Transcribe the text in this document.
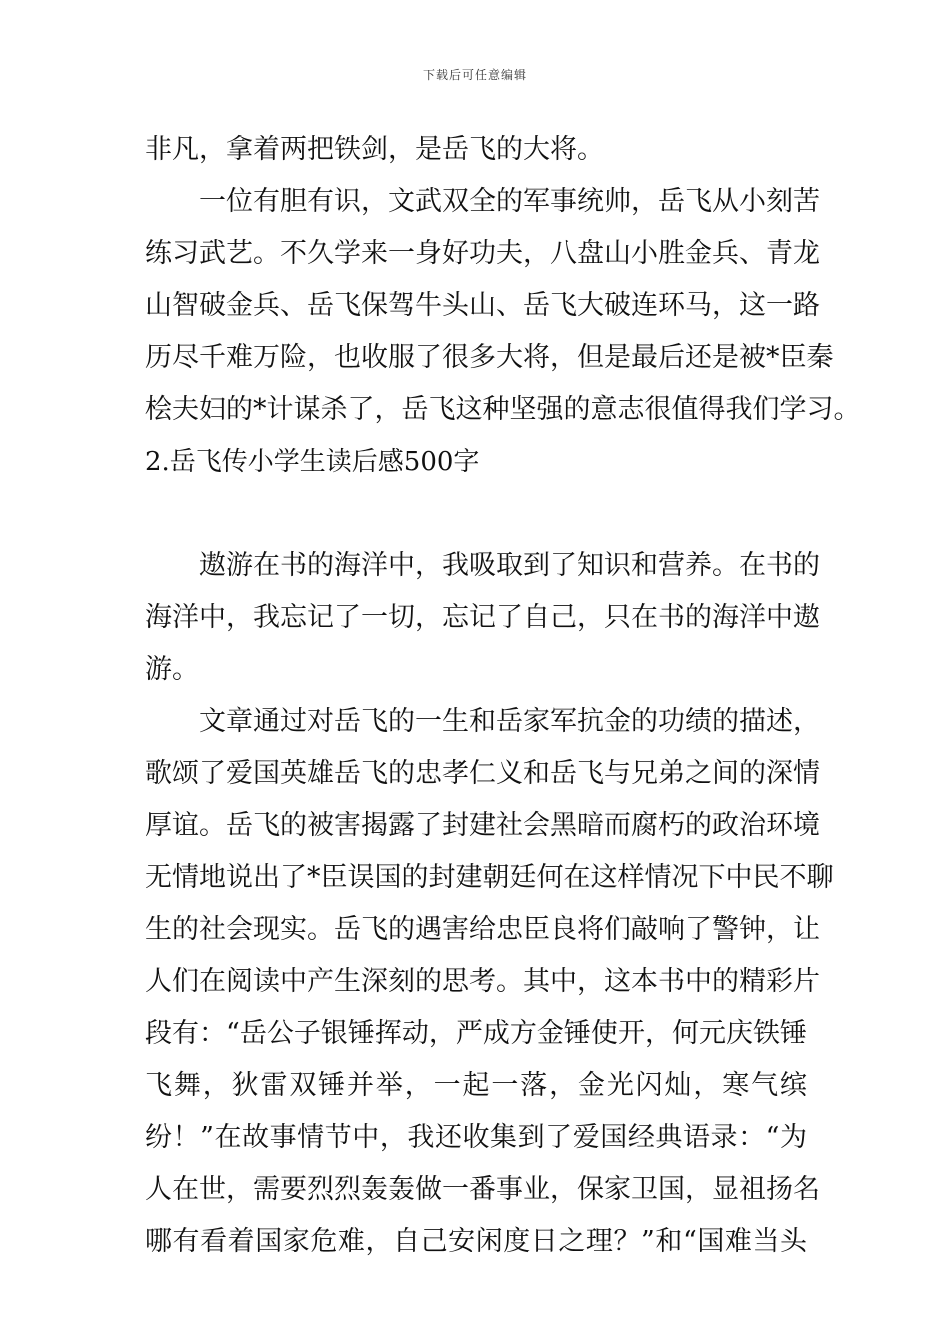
下载后可任意编辑
非凡，拿着两把铁剑，是岳飞的大将。
一位有胆有识，文武双全的军事统帅，岳飞从小刻苦
练习武艺。不久学来一身好功夫，八盘山小胜金兵、青龙
山智破金兵、岳飞保驾牛头山、岳飞大破连环马，这一路
历尽千难万险，也收服了很多大将，但是最后还是被*臣秦
桧夫妇的*计谋杀了，岳飞这种坚强的意志很值得我们学习。
2.岳飞传小学生读后感500字
遨游在书的海洋中，我吸取到了知识和营养。在书的
海洋中，我忘记了一切，忘记了自己，只在书的海洋中遨
游。
文章通过对岳飞的一生和岳家军抗金的功绩的描述，
歌颂了爱国英雄岳飞的忠孝仁义和岳飞与兄弟之间的深情
厚谊。岳飞的被害揭露了封建社会黑暗而腐朽的政治环境
无情地说出了*臣误国的封建朝廷何在这样情况下中民不聊
生的社会现实。岳飞的遇害给忠臣良将们敲响了警钟，让
人们在阅读中产生深刻的思考。其中，这本书中的精彩片
段有：“岳公子银锤挥动，严成方金锤使开，何元庆铁锤
飞舞，狄雷双锤并举，一起一落，金光闪灿，寒气缤
纷！”在故事情节中，我还收集到了爱国经典语录：“为
人在世，需要烈烈轰轰做一番事业，保家卫国，显祖扬名
哪有看着国家危难，自己安闲度日之理？”和“国难当头
